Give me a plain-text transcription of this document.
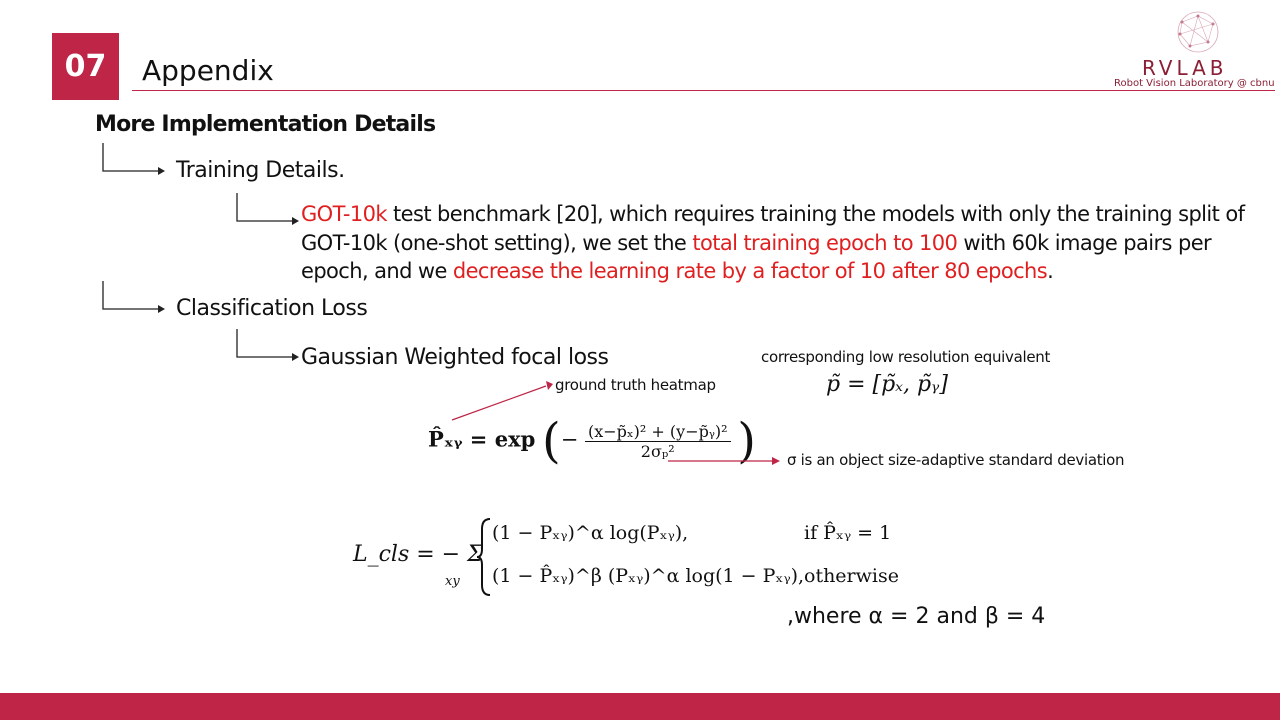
07	Appendix	RVLAB
Robot Vision Laboratory @ cbnu
More Implementation Details
Training Details.
GOT-10k test benchmark [20], which requires training the models with only the training split of GOT-10k (one-shot setting), we set the total training epoch to 100 with 60k image pairs per epoch, and we decrease the learning rate by a factor of 10 after 80 epochs.
Classification Loss
Gaussian Weighted focal loss	corresponding low resolution equivalent
p̃ = [p̃ₓ, p̃ᵧ]
ground truth heatmap
P̂ₓᵧ = exp (− $\frac{\text{(x−p̃ₓ)² + (y−p̃ᵧ)²}}{\text{2σₚ²}}$ ) σ is an object size-adaptive standard deviation
L_cls = − Σ
xy
(1 − Pₓᵧ)^α log(Pₓᵧ),	if P̂ₓᵧ = 1
(1 − P̂ₓᵧ)^β (Pₓᵧ)^α log(1 − Pₓᵧ), otherwise
,where α = 2 and β = 4
